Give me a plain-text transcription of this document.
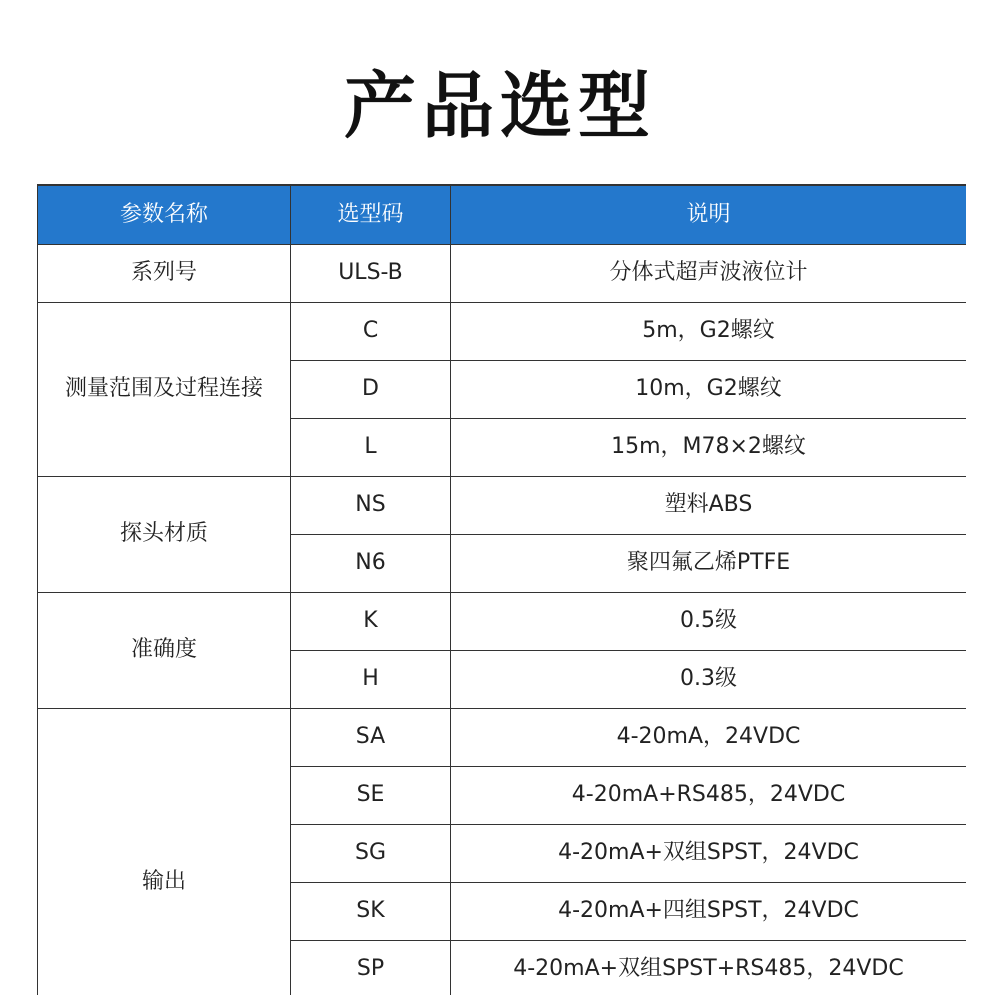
产品选型
参数名称	选型码	说明
系列号	ULS-B	分体式超声波液位计
测量范围及过程连接	C	5m，G2螺纹
	D	10m，G2螺纹
	L	15m，M78×2螺纹
探头材质	NS	塑料ABS
	N6	聚四氟乙烯PTFE
准确度	K	0.5级
	H	0.3级
输出	SA	4-20mA，24VDC
	SE	4-20mA+RS485，24VDC
	SG	4-20mA+双组SPST，24VDC
	SK	4-20mA+四组SPST，24VDC
	SP	4-20mA+双组SPST+RS485，24VDC
